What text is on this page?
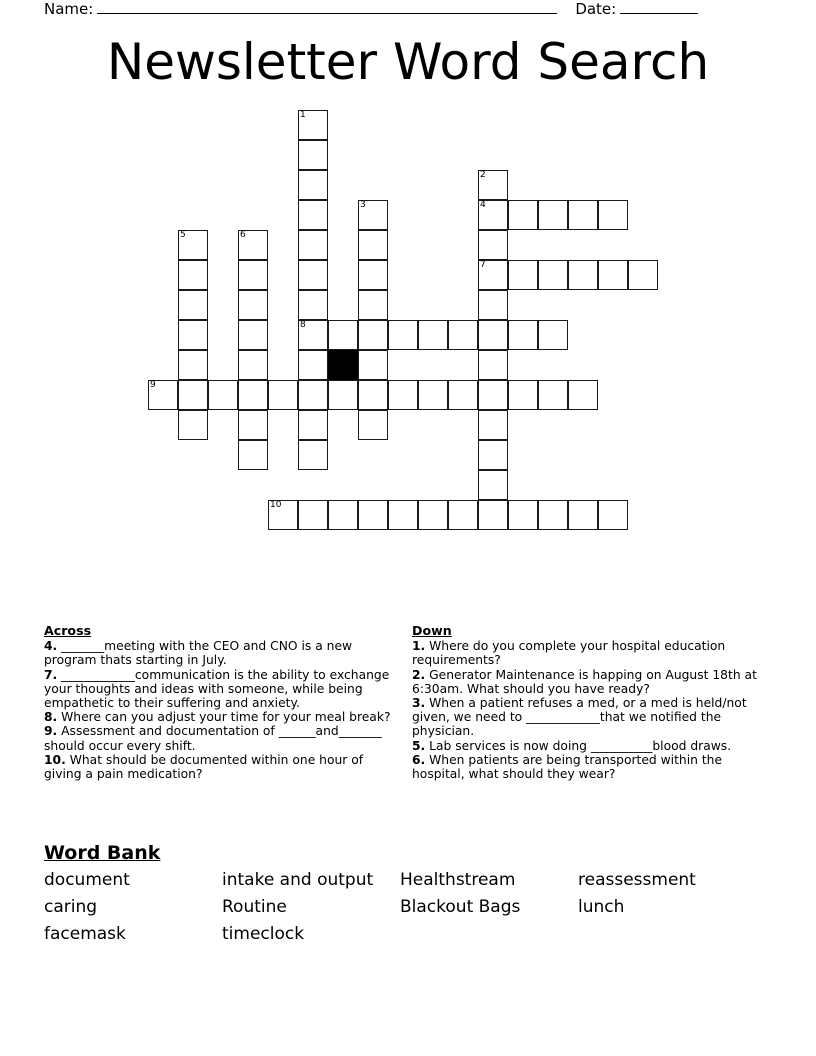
Name:	Date:
Newsletter Word Search
1
3
2
4
7
5	6
8
9
10
Across
4. _______meeting with the CEO and CNO is a new program thats starting in July.
7. ____________communication is the ability to exchange your thoughts and ideas with someone, while being empathetic to their suffering and anxiety.
8. Where can you adjust your time for your meal break?
9. Assessment and documentation of ______and_______ should occur every shift.
10. What should be documented within one hour of giving a pain medication?
Down
1. Where do you complete your hospital education requirements?
2. Generator Maintenance is happing on August 18th at 6:30am. What should you have ready?
3. When a patient refuses a med, or a med is held/not given, we need to ____________that we notified the physician.
5. Lab services is now doing __________blood draws.
6. When patients are being transported within the hospital, what should they wear?
Word Bank
document	intake and output	Healthstream	reassessment
caring	Routine	Blackout Bags	lunch
facemask	timeclock
